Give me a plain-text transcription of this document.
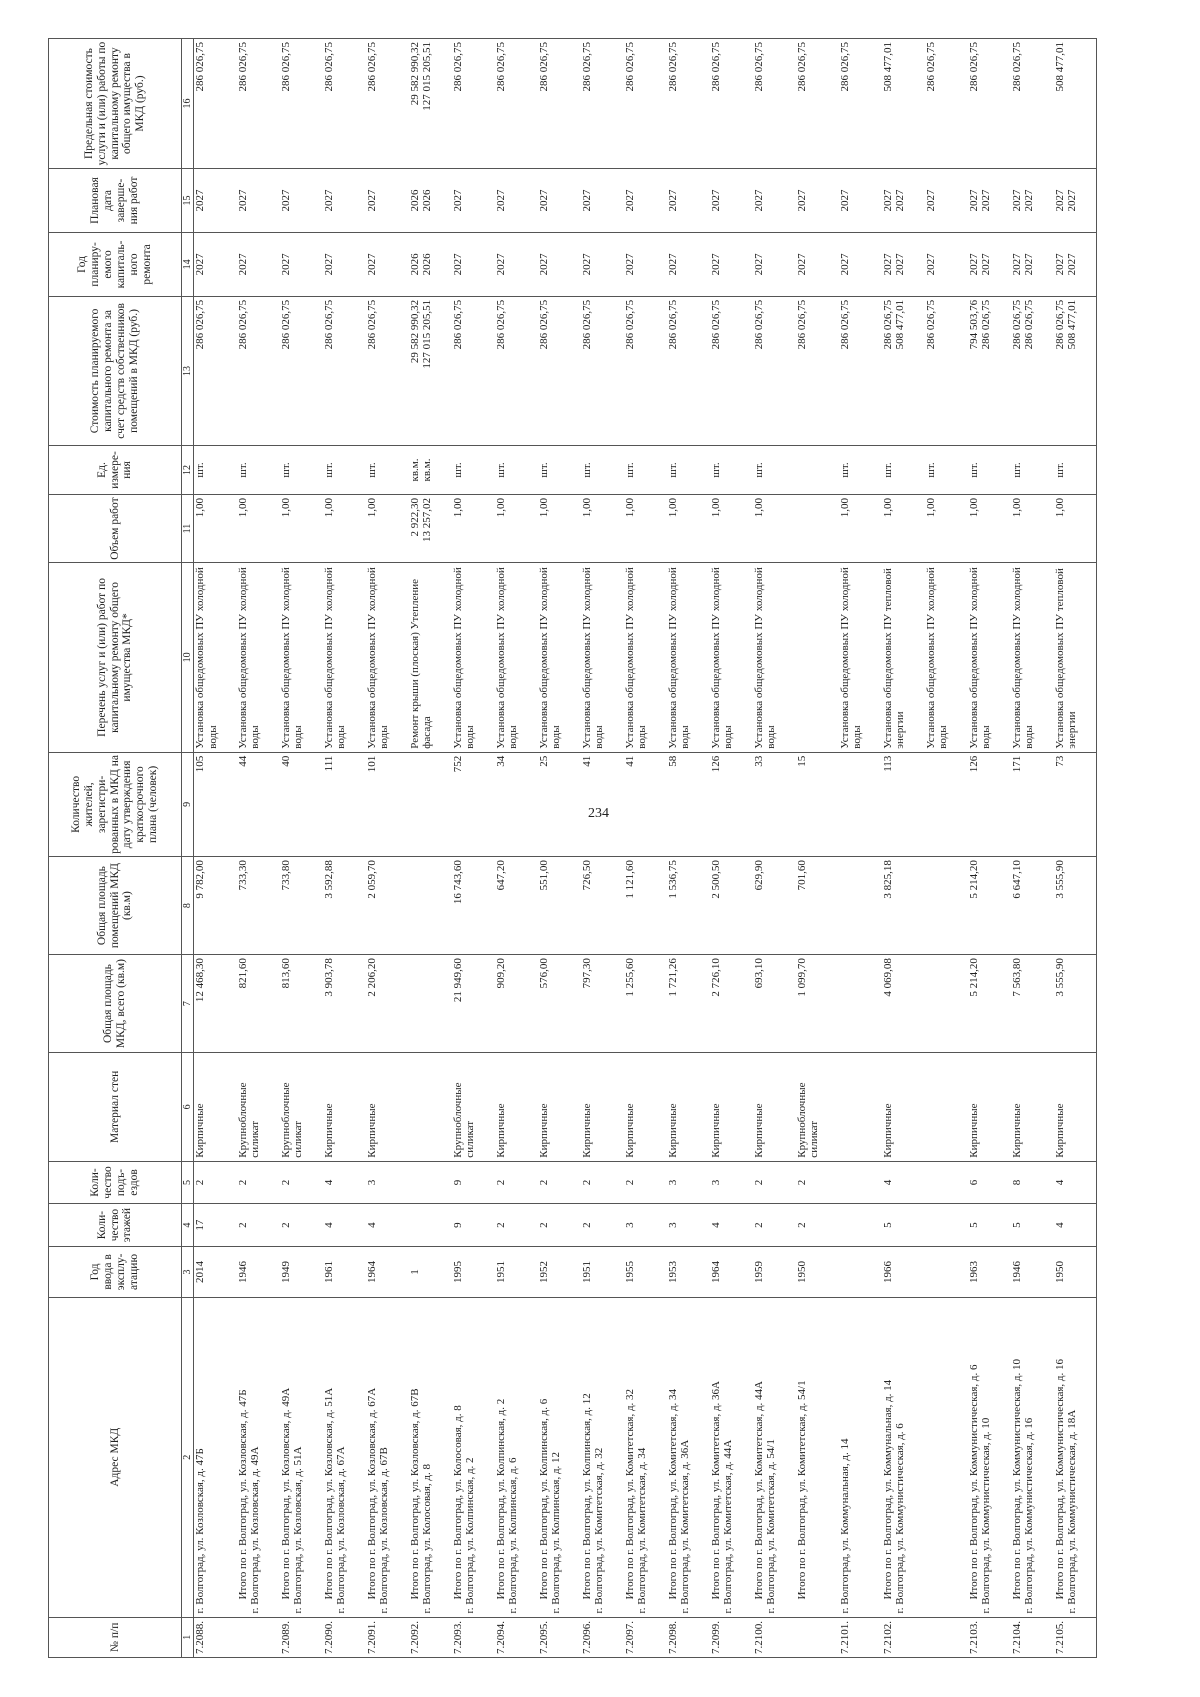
234
№ п/п	Адрес МКД	Год ввода в эксплу-атацию	Коли-чество этажей	Коли-чество подъ-ездов	Материал стен	Общая площадь МКД, всего (кв.м)	Общая площадь помещений МКД (кв.м)	Количество жителей, зарегистри-рованных в МКД на дату утверждения краткосрочного плана (человек)	Перечень услуг и (или) работ по капитальному ремонту общего имущества МКД*	Объем работ	Ед. измере-ния	Стоимость планируемого капитального ремонта за счет средств собственников помещений в МКД (руб.)	Год планиру-емого капиталь-ного ремонта	Плановая дата заверше-ния работ	Предельная стоимость услуги и (или) работы по капитальному ремонту общего имущества в МКД (руб.)
1	2	3	4	5	6	7	8	9	10	11	12	13	14	15	16

7.2088.	г. Волгоград, ул. Козловская, д. 47Б	2014	17	2	Кирпичные	12 468,30	9 782,00	105	Установка общедомовых ПУ холодной воды	1,00	шт.	286 026,75	2027	2027	286 026,75

	Итого по г. Волгоград, ул. Козловская, д. 47Б г. Волгоград, ул. Козловская, д. 49А	1946	2	2	Крупноблочные силикат	821,60	733,30	44	Установка общедомовых ПУ холодной воды	1,00	шт.	286 026,75	2027	2027	286 026,75

7.2089.	Итого по г. Волгоград, ул. Козловская, д. 49А г. Волгоград, ул. Козловская, д. 51А	1949	2	2	Крупноблочные силикат	813,60	733,80	40	Установка общедомовых ПУ холодной воды	1,00	шт.	286 026,75	2027	2027	286 026,75

7.2090.	Итого по г. Волгоград, ул. Козловская, д. 51А г. Волгоград, ул. Козловская, д. 67А	1961	4	4	Кирпичные	3 903,78	3 592,88	111	Установка общедомовых ПУ холодной воды	1,00	шт.	286 026,75	2027	2027	286 026,75

7.2091.	Итого по г. Волгоград, ул. Козловская, д. 67А г. Волгоград, ул. Козловская, д. 67В	1964	4	3	Кирпичные	2 206,20	2 059,70	101	Установка общедомовых ПУ холодной воды	1,00	шт.	286 026,75	2027	2027	286 026,75

7.2092.	Итого по г. Волгоград, ул. Козловская, д. 67В г. Волгоград, ул. Колосовая, д. 8	1							Ремонт крыши (плоская) Утепление фасада	2 922,30 13 257,02	кв.м. кв.м.	29 582 990,32 127 015 205,51	2026 2026	2026 2026	29 582 990,32 127 015 205,51

7.2093.	Итого по г. Волгоград, ул. Колосовая, д. 8 г. Волгоград, ул. Колпинская, д. 2	1995	9	9	Крупноблочные силикат	21 949,60	16 743,60	752	Установка общедомовых ПУ холодной воды	1,00	шт.	286 026,75	2027	2027	286 026,75

7.2094.	Итого по г. Волгоград, ул. Колпинская, д. 2 г. Волгоград, ул. Колпинская, д. 6	1951	2	2	Кирпичные	909,20	647,20	34	Установка общедомовых ПУ холодной воды	1,00	шт.	286 026,75	2027	2027	286 026,75

7.2095.	Итого по г. Волгоград, ул. Колпинская, д. 6 г. Волгоград, ул. Колпинская, д. 12	1952	2	2	Кирпичные	576,00	551,00	25	Установка общедомовых ПУ холодной воды	1,00	шт.	286 026,75	2027	2027	286 026,75

7.2096.	Итого по г. Волгоград, ул. Колпинская, д. 12 г. Волгоград, ул. Комитетская, д. 32	1951	2	2	Кирпичные	797,30	726,50	41	Установка общедомовых ПУ холодной воды	1,00	шт.	286 026,75	2027	2027	286 026,75

7.2097.	Итого по г. Волгоград, ул. Комитетская, д. 32 г. Волгоград, ул. Комитетская, д. 34	1955	3	2	Кирпичные	1 255,60	1 121,60	41	Установка общедомовых ПУ холодной воды	1,00	шт.	286 026,75	2027	2027	286 026,75

7.2098.	Итого по г. Волгоград, ул. Комитетская, д. 34 г. Волгоград, ул. Комитетская, д. 36А	1953	3	3	Кирпичные	1 721,26	1 536,75	58	Установка общедомовых ПУ холодной воды	1,00	шт.	286 026,75	2027	2027	286 026,75

7.2099.	Итого по г. Волгоград, ул. Комитетская, д. 36А г. Волгоград, ул. Комитетская, д. 44А	1964	4	3	Кирпичные	2 726,10	2 500,50	126	Установка общедомовых ПУ холодной воды	1,00	шт.	286 026,75	2027	2027	286 026,75

7.2100.	Итого по г. Волгоград, ул. Комитетская, д. 44А г. Волгоград, ул. Комитетская, д. 54/1	1959	2	2	Кирпичные	693,10	629,90	33	Установка общедомовых ПУ холодной воды	1,00	шт.	286 026,75	2027	2027	286 026,75

	Итого по г. Волгоград, ул. Комитетская, д. 54/1	1950	2	2	Крупноблочные силикат	1 099,70	701,60	15				286 026,75	2027	2027	286 026,75

7.2101.	г. Волгоград, ул. Коммунальная, д. 14								Установка общедомовых ПУ холодной воды	1,00	шт.	286 026,75	2027	2027	286 026,75

7.2102.	Итого по г. Волгоград, ул. Коммунальная, д. 14 г. Волгоград, ул. Коммунистическая, д. 6	1966	5	4	Кирпичные	4 069,08	3 825,18	113	Установка общедомовых ПУ тепловой энергии	1,00	шт.	286 026,75 508 477,01	2027 2027	2027 2027	508 477,01

									Установка общедомовых ПУ холодной воды	1,00	шт.	286 026,75	2027	2027	286 026,75

7.2103.	Итого по г. Волгоград, ул. Коммунистическая, д. 6 г. Волгоград, ул. Коммунистическая, д. 10	1963	5	6	Кирпичные	5 214,20	5 214,20	126	Установка общедомовых ПУ холодной воды	1,00	шт.	794 503,76 286 026,75	2027 2027	2027 2027	286 026,75

7.2104.	Итого по г. Волгоград, ул. Коммунистическая, д. 10 г. Волгоград, ул. Коммунистическая, д. 16	1946	5	8	Кирпичные	7 563,80	6 647,10	171	Установка общедомовых ПУ холодной воды	1,00	шт.	286 026,75 286 026,75	2027 2027	2027 2027	286 026,75

7.2105.	Итого по г. Волгоград, ул. Коммунистическая, д. 16 г. Волгоград, ул. Коммунистическая, д. 18А	1950	4	4	Кирпичные	3 555,90	3 555,90	73	Установка общедомовых ПУ тепловой энергии	1,00	шт.	286 026,75 508 477,01	2027 2027	2027 2027	508 477,01
